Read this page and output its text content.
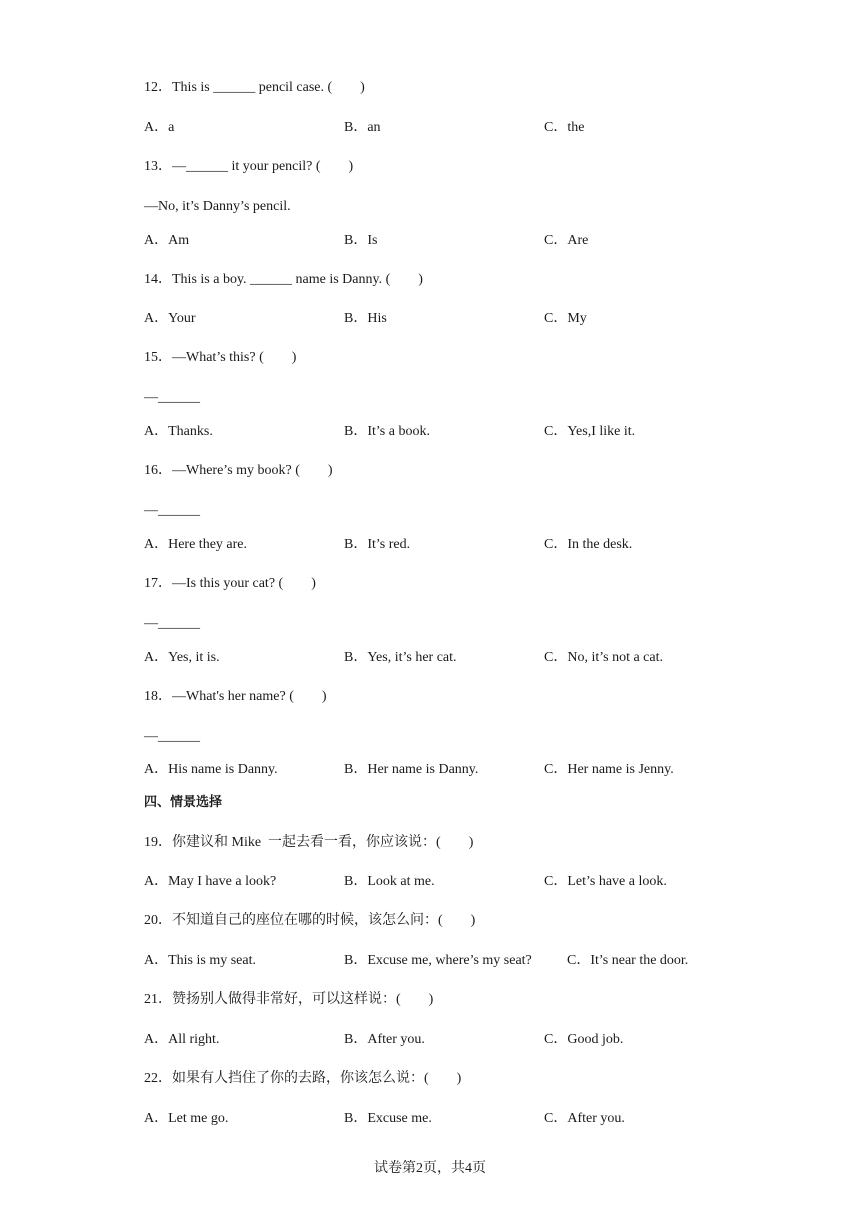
12．This is ______ pencil case. (        )
A．a	B．an	C．the
13．—______ it your pencil? (        )
—No, it’s Danny’s pencil.
A．Am	B．Is	C．Are
14．This is a boy. ______ name is Danny. (        )
A．Your	B．His	C．My
15．—What’s this? (        )
—______
A．Thanks.	B．It’s a book.	C．Yes,I like it.
16．—Where’s my book? (        )
—______
A．Here they are.	B．It’s red.	C．In the desk.
17．—Is this your cat? (        )
—______
A．Yes, it is.	B．Yes, it’s her cat.	C．No, it’s not a cat.
18．—What's her name? (        )
—______
A．His name is Danny.	B．Her name is Danny.	C．Her name is Jenny.
四、情景选择
19．你建议和 Mike  一起去看一看，你应该说：(        )
A．May I have a look?	B．Look at me.	C．Let’s have a look.
20．不知道自己的座位在哪的时候，该怎么问：(        )
A．This is my seat.	B．Excuse me, where’s my seat?	C．It’s near the door.
21．赞扬别人做得非常好，可以这样说：(        )
A．All right.	B．After you.	C．Good job.
22．如果有人挡住了你的去路，你该怎么说：(        )
A．Let me go.	B．Excuse me.	C．After you.
试卷第2页，共4页
